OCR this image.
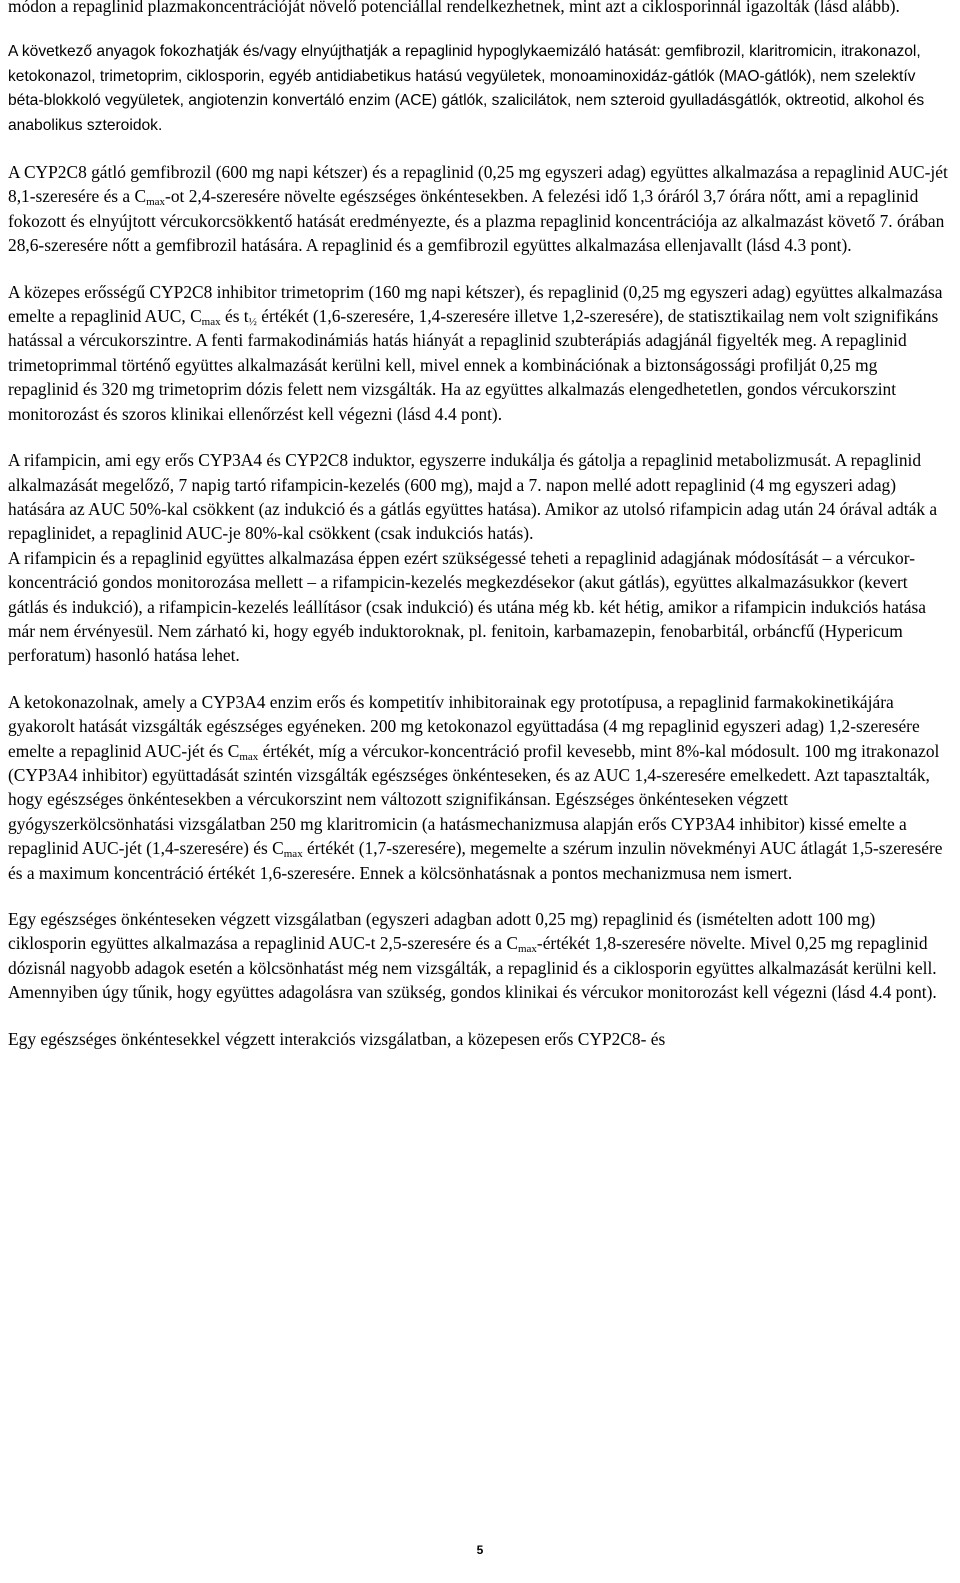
módon a repaglinid plazmakoncentrációját növelő potenciállal rendelkezhetnek, mint azt a ciklosporinnál igazolták (lásd alább).

A következő anyagok fokozhatják és/vagy elnyújthatják a repaglinid hypoglykaemizáló hatását: gemfibrozil, klaritromicin, itrakonazol, ketokonazol, trimetoprim, ciklosporin, egyéb antidiabetikus hatású vegyületek, monoaminoxidáz-gátlók (MAO-gátlók), nem szelektív béta-blokkoló vegyületek, angiotenzin konvertáló enzim (ACE) gátlók, szalicilátok, nem szteroid gyulladásgátlók, oktreotid, alkohol és anabolikus szteroidok.

A CYP2C8 gátló gemfibrozil (600 mg napi kétszer) és a repaglinid (0,25 mg egyszeri adag) együttes alkalmazása a repaglinid AUC-jét 8,1-szeresére és a $C_{max}-ot$ 2,4-szeresére növelte egészséges önkéntesekben. A felezési idő 1,3 óráról 3,7 órára nőtt, ami a repaglinid fokozott és elnyújtott vércukorcsökkentő hatását eredményezte, és a plazma repaglinid koncentrációja az alkalmazást követő 7. órában 28,6-szeresére nőtt a gemfibrozil hatására. A repaglinid és a gemfibrozil együttes alkalmazása ellenjavallt (lásd 4.3 pont).

A közepes erősségű CYP2C8 inhibitor trimetoprim (160 mg napi kétszer), és repaglinid (0,25 mg egyszeri adag) együttes alkalmazása emelte a repaglinid AUC, $C_{max}$ és $t_{\frac{1}{2}}$ értékét (1,6-szeresére, 1,4-szeresére illetve 1,2-szeresére), de statisztikailag nem volt szignifikáns hatással a vércukorszintre. A fenti farmakodinámiás hatás hiányát a repaglinid szubterápiás adagjánál figyelték meg. A repaglinid trimetoprimmal történő együttes alkalmazását kerülni kell, mivel ennek a kombinációnak a biztonságossági profilját 0,25 mg repaglinid és 320 mg trimetoprim dózis felett nem vizsgálták. Ha az együttes alkalmazás elengedhetetlen, gondos vércukorszint monitorozást és szoros klinikai ellenőrzést kell végezni (lásd 4.4 pont).

A rifampicin, ami egy erős CYP3A4 és CYP2C8 induktor, egyszerre indukálja és gátolja a repaglinid metabolizmusát. A repaglinid alkalmazását megelőző, 7 napig tartó rifampicin-kezelés (600 mg), majd a 7. napon mellé adott repaglinid (4 mg egyszeri adag) hatására az AUC 50%-kal csökkent (az indukció és a gátlás együttes hatása). Amikor az utolsó rifampicin adag után 24 órával adták a repaglinidet, a repaglinid AUC-je 80%-kal csökkent (csak indukciós hatás).

A rifampicin és a repaglinid együttes alkalmazása éppen ezért szükségessé teheti a repaglinid adagjának módosítását – a vércukor-koncentráció gondos monitorozása mellett – a rifampicin-kezelés megkezdésekor (akut gátlás), együttes alkalmazásukkor (kevert gátlás és indukció), a rifampicin-kezelés leállításor (csak indukció) és utána még kb. két hétig, amikor a rifampicin indukciós hatása már nem érvényesül. Nem zárható ki, hogy egyéb induktoroknak, pl. fenitoin, karbamazepin, fenobarbitál, orbáncfű (Hypericum perforatum) hasonló hatása lehet.

A ketokonazolnak, amely a CYP3A4 enzim erős és kompetitív inhibitorainak egy prototípusa, a repaglinid farmakokinetikájára gyakorolt hatását vizsgálták egészséges egyéneken. 200 mg ketokonazol együttadása (4 mg repaglinid egyszeri adag) 1,2-szeresére emelte a repaglinid AUC-jét és $C_{max}$ értékét, míg a vércukor-koncentráció profil kevesebb, mint 8%-kal módosult. 100 mg itrakonazol (CYP3A4 inhibitor) együttadását szintén vizsgálták egészséges önkénteseken, és az AUC 1,4-szeresére emelkedett. Azt tapasztalták, hogy egészséges önkéntesekben a vércukorszint nem változott szignifikánsan. Egészséges önkénteseken végzett gyógyszerkölcsönhatási vizsgálatban 250 mg klaritromicin (a hatásmechanizmusa alapján erős CYP3A4 inhibitor) kissé emelte a repaglinid AUC-jét (1,4-szeresére) és $C_{max}$ értékét (1,7-szeresére), megemelte a szérum inzulin növekményi AUC átlagát 1,5-szeresére és a maximum koncentráció értékét 1,6-szeresére. Ennek a kölcsönhatásnak a pontos mechanizmusa nem ismert.

Egy egészséges önkénteseken végzett vizsgálatban (egyszeri adagban adott 0,25 mg) repaglinid és (ismételten adott 100 mg) ciklosporin együttes alkalmazása a repaglinid AUC-t 2,5-szeresére és a $C_{max}$-értékét 1,8-szeresére növelte. Mivel 0,25 mg repaglinid dózisnál nagyobb adagok esetén a kölcsönhatást még nem vizsgálták, a repaglinid és a ciklosporin együttes alkalmazását kerülni kell. Amennyiben úgy tűnik, hogy együttes adagolásra van szükség, gondos klinikai és vércukor monitorozást kell végezni (lásd 4.4 pont).

Egy egészséges önkéntesekkel végzett interakciós vizsgálatban, a közepesen erős CYP2C8- és

5
